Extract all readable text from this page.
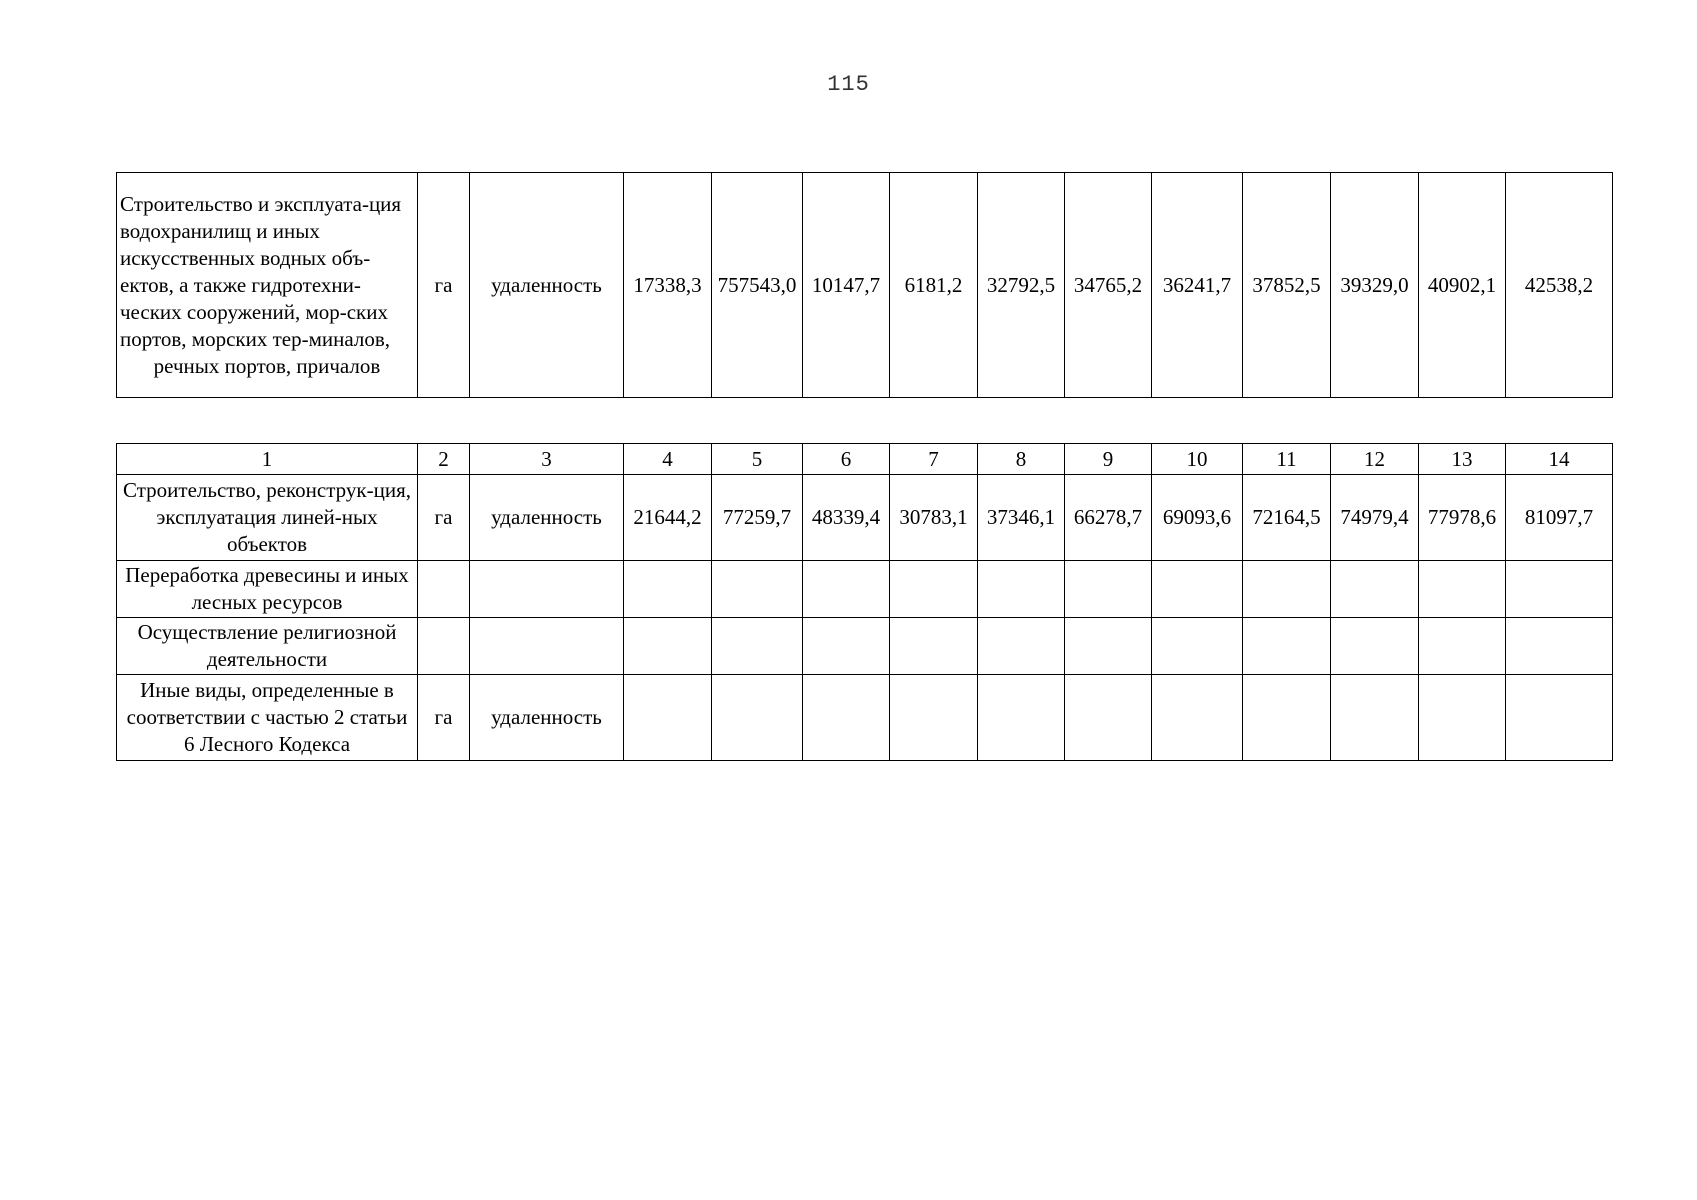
115
Строительство и эксплуата-ция водохранилищ и иных искусственных водных объ-ектов, а также гидротехни-ческих сооружений, мор-ских портов, морских тер-миналов, речных портов, причалов	га	удаленность	17338,3	757543,0	10147,7	6181,2	32792,5	34765,2	36241,7	37852,5	39329,0	40902,1	42538,2
1	2	3	4	5	6	7	8	9	10	11	12	13	14
Строительство, реконструк-ция, эксплуатация линей-ных объектов	га	удаленность	21644,2	77259,7	48339,4	30783,1	37346,1	66278,7	69093,6	72164,5	74979,4	77978,6	81097,7
Переработка древесины и иных лесных ресурсов													
Осуществление религиозной деятельности													
Иные виды, определенные в соответствии с частью 2 статьи 6 Лесного Кодекса	га	удаленность											
